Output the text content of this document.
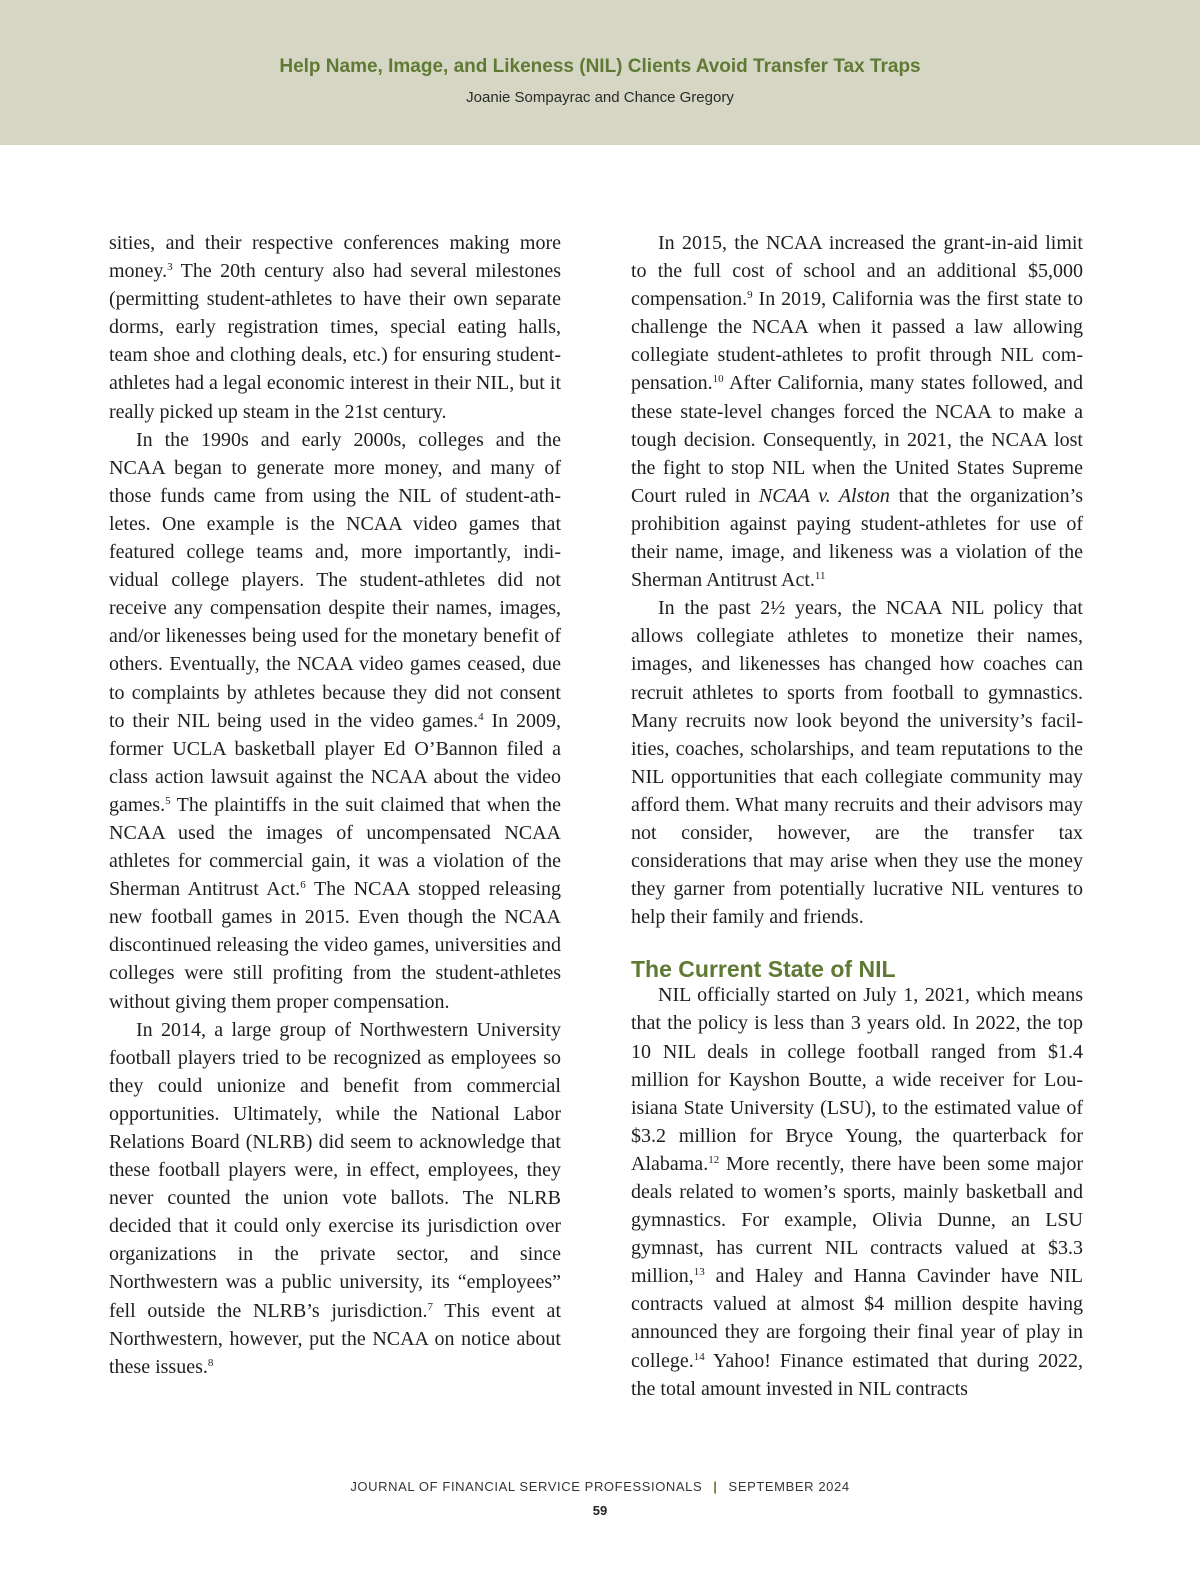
Help Name, Image, and Likeness (NIL) Clients Avoid Transfer Tax Traps
Joanie Sompayrac and Chance Gregory

sities, and their respective conferences making more money.$^3$ The 20th century also had several milestones (permitting student-athletes to have their own separate dorms, early registration times, special eating halls, team shoe and clothing deals, etc.) for ensuring student-athletes had a legal economic interest in their NIL, but it really picked up steam in the 21st century.

In the 1990s and early 2000s, colleges and the NCAA began to generate more money, and many of those funds came from using the NIL of student-athletes. One example is the NCAA video games that featured college teams and, more importantly, individual college players. The student-athletes did not receive any compensation despite their names, images, and/or likenesses being used for the monetary benefit of others. Eventually, the NCAA video games ceased, due to complaints by athletes because they did not consent to their NIL being used in the video games.$^4$ In 2009, former UCLA basketball player Ed O’Bannon filed a class action lawsuit against the NCAA about the video games.$^5$ The plaintiffs in the suit claimed that when the NCAA used the images of uncompensated NCAA athletes for commercial gain, it was a violation of the Sherman Antitrust Act.$^6$ The NCAA stopped releasing new football games in 2015. Even though the NCAA discontinued releasing the video games, universities and colleges were still profiting from the student-athletes without giving them proper compensation.

In 2014, a large group of Northwestern University football players tried to be recognized as employees so they could unionize and benefit from commercial opportunities. Ultimately, while the National Labor Relations Board (NLRB) did seem to acknowledge that these football players were, in effect, employees, they never counted the union vote ballots. The NLRB decided that it could only exercise its jurisdiction over organizations in the private sector, and since Northwestern was a public university, its “employees” fell outside the NLRB’s jurisdiction.$^7$ This event at Northwestern, however, put the NCAA on notice about these issues.$^8$

In 2015, the NCAA increased the grant-in-aid limit to the full cost of school and an additional $5,000 compensation.$^9$ In 2019, California was the first state to challenge the NCAA when it passed a law allowing collegiate student-athletes to profit through NIL compensation.$^{10}$ After California, many states followed, and these state-level changes forced the NCAA to make a tough decision. Consequently, in 2021, the NCAA lost the fight to stop NIL when the United States Supreme Court ruled in NCAA v. Alston that the organization’s prohibition against paying student-athletes for use of their name, image, and likeness was a violation of the Sherman Antitrust Act.$^{11}$

In the past 2½ years, the NCAA NIL policy that allows collegiate athletes to monetize their names, images, and likenesses has changed how coaches can recruit athletes to sports from football to gymnastics. Many recruits now look beyond the university’s facilities, coaches, scholarships, and team reputations to the NIL opportunities that each collegiate community may afford them. What many recruits and their advisors may not consider, however, are the transfer tax considerations that may arise when they use the money they garner from potentially lucrative NIL ventures to help their family and friends.

The Current State of NIL

NIL officially started on July 1, 2021, which means that the policy is less than 3 years old. In 2022, the top 10 NIL deals in college football ranged from $1.4 million for Kayshon Boutte, a wide receiver for Louisiana State University (LSU), to the estimated value of $3.2 million for Bryce Young, the quarterback for Alabama.$^{12}$ More recently, there have been some major deals related to women’s sports, mainly basketball and gymnastics. For example, Olivia Dunne, an LSU gymnast, has current NIL contracts valued at $3.3 million,$^{13}$ and Haley and Hanna Cavinder have NIL contracts valued at almost $4 million despite having announced they are forgoing their final year of play in college.$^{14}$ Yahoo! Finance estimated that during 2022, the total amount invested in NIL contracts

JOURNAL OF FINANCIAL SERVICE PROFESSIONALS | SEPTEMBER 2024
59
